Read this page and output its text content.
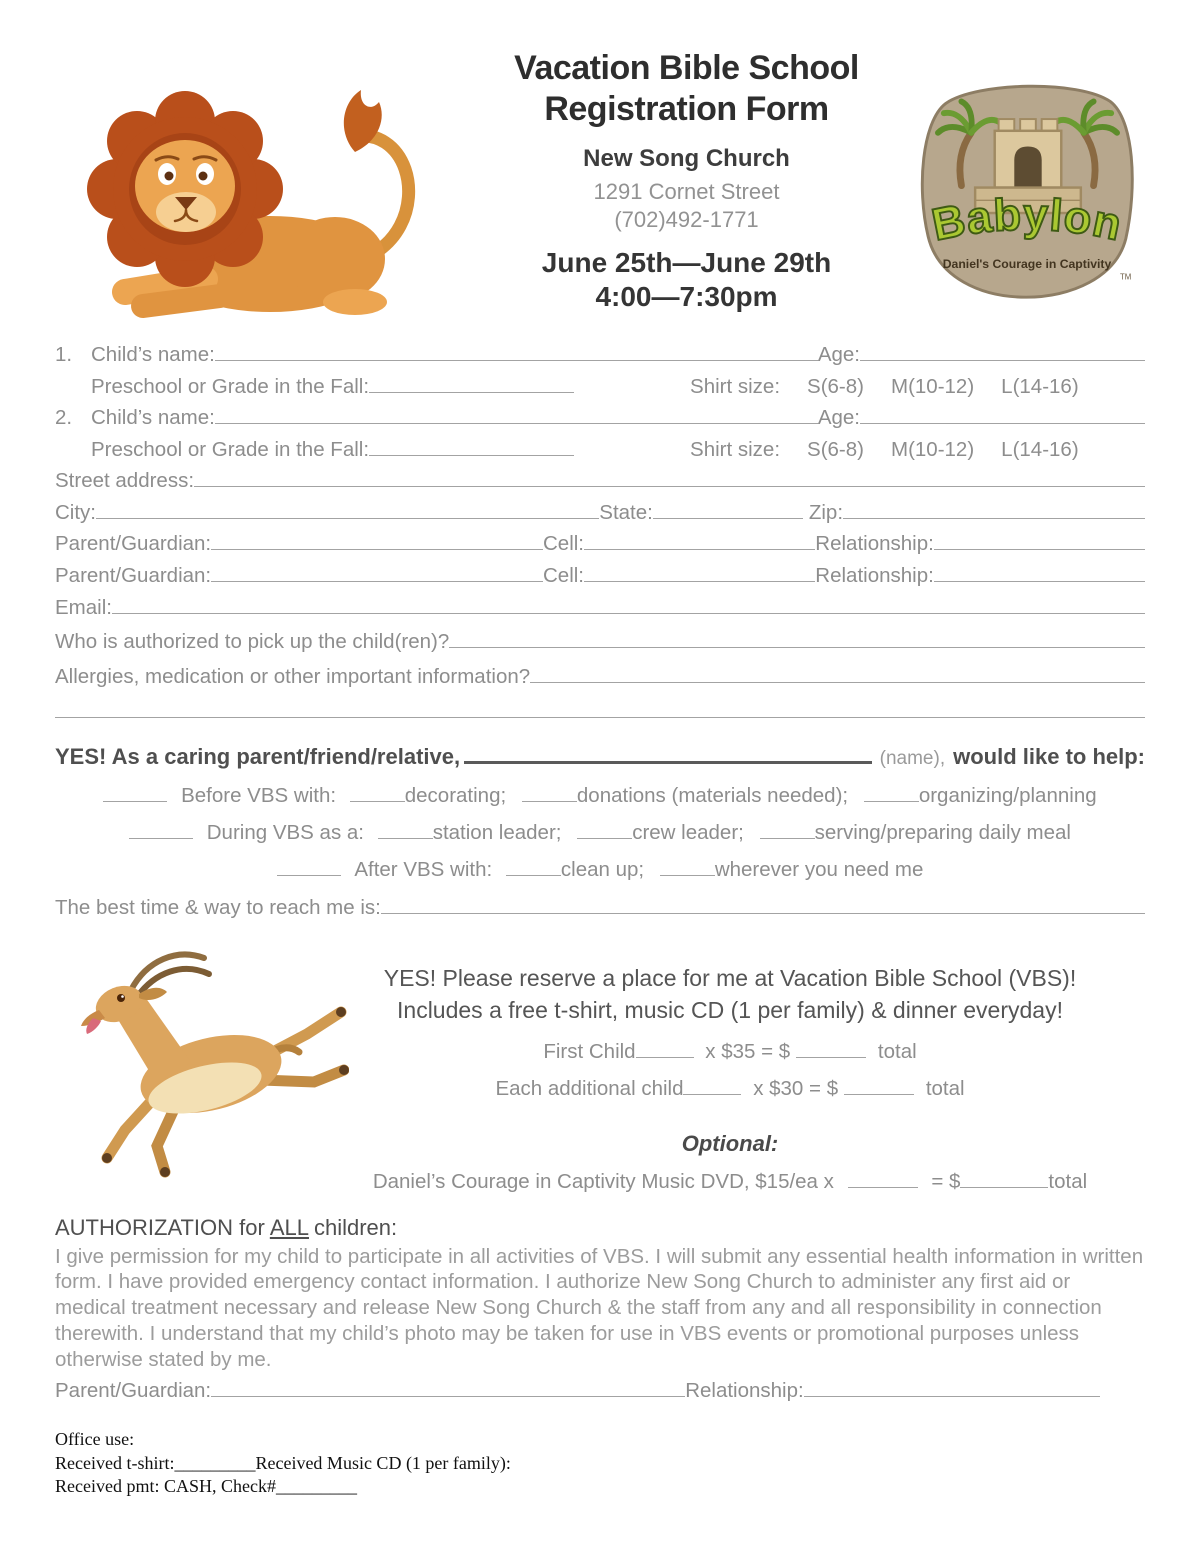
Vacation Bible School
Registration Form
New Song Church
1291 Cornet Street
(702)492-1771
June 25th—June 29th
4:00—7:30pm
Babylon
Daniel's Courage in Captivity
TM
1. Child’s name:	Age:
Preschool or Grade in the Fall:	Shirt size: S(6-8) M(10-12) L(14-16)
2. Child’s name:	Age:
Preschool or Grade in the Fall:	Shirt size: S(6-8) M(10-12) L(14-16)
Street address:
City:	State:	Zip:
Parent/Guardian:	Cell:	Relationship:
Parent/Guardian:	Cell:	Relationship:
Email:
Who is authorized to pick up the child(ren)?
Allergies, medication or other important information?
YES! As a caring parent/friend/relative,	(name), would like to help:
Before VBS with:	decorating;	donations (materials needed);	organizing/planning
During VBS as a:	station leader;	crew leader;	serving/preparing daily meal
After VBS with:	clean up;	wherever you need me
The best time & way to reach me is:
YES! Please reserve a place for me at Vacation Bible School (VBS)!
Includes a free t-shirt, music CD (1 per family) & dinner everyday!
First Child	x $35 = $	total
Each additional child	x $30 = $	total
Optional:
Daniel’s Courage in Captivity Music DVD, $15/ea x	= $	total
AUTHORIZATION for ALL children:
I give permission for my child to participate in all activities of VBS. I will submit any essential health information in written form. I have provided emergency contact information. I authorize New Song Church to administer any first aid or medical treatment necessary and release New Song Church & the staff from any and all responsibility in connection therewith. I understand that my child’s photo may be taken for use in VBS events or promotional purposes unless otherwise stated by me.
Parent/Guardian:	Relationship:
Office use:
Received t-shirt:_________Received Music CD (1 per family):
Received pmt: CASH, Check#_________
